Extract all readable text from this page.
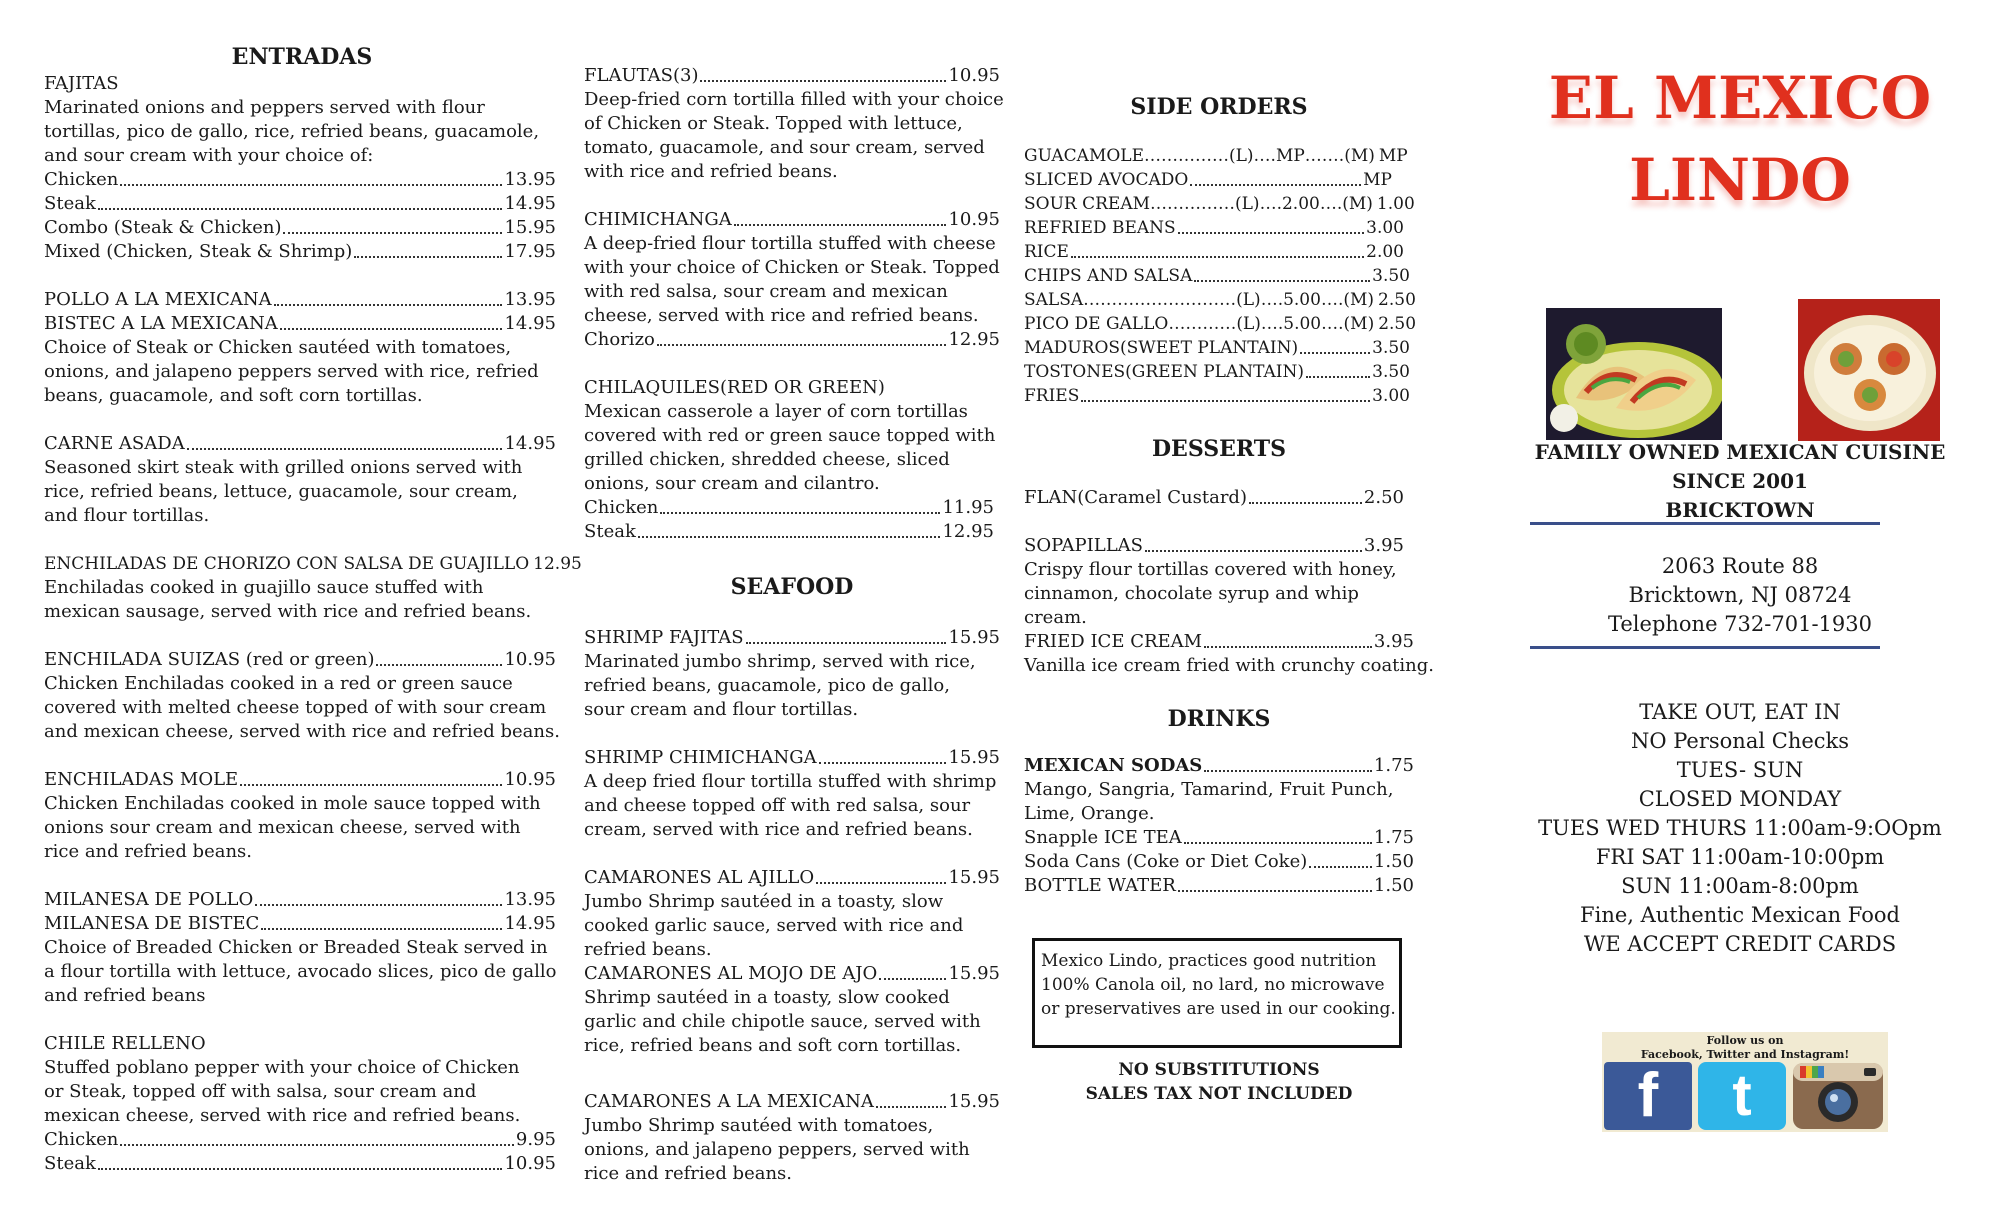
ENTRADAS
FAJITAS
Marinated onions and peppers served with flour tortillas, pico de gallo, rice, refried beans, guacamole, and sour cream with your choice of:
Chicken	13.95
Steak	14.95
Combo (Steak & Chicken)	15.95
Mixed (Chicken, Steak & Shrimp)	17.95
POLLO A LA MEXICANA	13.95
BISTEC A LA MEXICANA	14.95
Choice of Steak or Chicken sautéed with tomatoes, onions, and jalapeno peppers served with rice, refried beans, guacamole, and soft corn tortillas.
CARNE ASADA	14.95
Seasoned skirt steak with grilled onions served with rice, refried beans, lettuce, guacamole, sour cream, and flour tortillas.
ENCHILADAS DE CHORIZO CON SALSA DE GUAJILLO 12.95
Enchiladas cooked in guajillo sauce stuffed with mexican sausage, served with rice and refried beans.
ENCHILADA SUIZAS (red or green)	10.95
Chicken Enchiladas cooked in a red or green sauce covered with melted cheese topped of with sour cream and mexican cheese, served with rice and refried beans.
ENCHILADAS MOLE	10.95
Chicken Enchiladas cooked in mole sauce topped with onions sour cream and mexican cheese, served with rice and refried beans.
MILANESA DE POLLO	13.95
MILANESA DE BISTEC	14.95
Choice of Breaded Chicken or Breaded Steak served in a flour tortilla with lettuce, avocado slices, pico de gallo and refried beans
CHILE RELLENO
Stuffed poblano pepper with your choice of Chicken or Steak, topped off with salsa, sour cream and mexican cheese, served with rice and refried beans.
Chicken	9.95
Steak	10.95
FLAUTAS(3)	10.95
Deep-fried corn tortilla filled with your choice of Chicken or Steak. Topped with lettuce, tomato, guacamole, and sour cream, served with rice and refried beans.
CHIMICHANGA	10.95
A deep-fried flour tortilla stuffed with cheese with your choice of Chicken or Steak. Topped with red salsa, sour cream and mexican cheese, served with rice and refried beans.
Chorizo	12.95
CHILAQUILES(RED OR GREEN)
Mexican casserole a layer of corn tortillas covered with red or green sauce topped with grilled chicken, shredded cheese, sliced onions, sour cream and cilantro.
Chicken	11.95
Steak	12.95
SEAFOOD
SHRIMP FAJITAS	15.95
Marinated jumbo shrimp, served with rice, refried beans, guacamole, pico de gallo, sour cream and flour tortillas.
SHRIMP CHIMICHANGA	15.95
A deep fried flour tortilla stuffed with shrimp and cheese topped off with red salsa, sour cream, served with rice and refried beans.
CAMARONES AL AJILLO	15.95
Jumbo Shrimp sautéed in a toasty, slow cooked garlic sauce, served with rice and refried beans.
CAMARONES AL MOJO DE AJO	15.95
Shrimp sautéed in a toasty, slow cooked garlic and chile chipotle sauce, served with rice, refried beans and soft corn tortillas.
CAMARONES A LA MEXICANA	15.95
Jumbo Shrimp sautéed with tomatoes, onions, and jalapeno peppers, served with rice and refried beans.
SIDE ORDERS
GUACAMOLE……………(L)….MP…….(M) MP
SLICED AVOCADO	MP
SOUR CREAM……………(L)….2.00….(M) 1.00
REFRIED BEANS	3.00
RICE	2.00
CHIPS AND SALSA	3.50
SALSA………………………(L)….5.00….(M) 2.50
PICO DE GALLO…………(L)….5.00….(M) 2.50
MADUROS(SWEET PLANTAIN)	3.50
TOSTONES(GREEN PLANTAIN)	3.50
FRIES	3.00
DESSERTS
FLAN(Caramel Custard)	2.50
SOPAPILLAS	3.95
Crispy flour tortillas covered with honey, cinnamon, chocolate syrup and whip cream.
FRIED ICE CREAM	3.95
Vanilla ice cream fried with crunchy coating.
DRINKS
MEXICAN SODAS	1.75
Mango, Sangria, Tamarind, Fruit Punch, Lime, Orange.
Snapple ICE TEA	1.75
Soda Cans (Coke or Diet Coke)	1.50
BOTTLE WATER	1.50
Mexico Lindo, practices good nutrition 100% Canola oil, no lard, no microwave or preservatives are used in our cooking.
NO SUBSTITUTIONS
SALES TAX NOT INCLUDED
EL MEXICO
LINDO
FAMILY OWNED MEXICAN CUISINE
SINCE 2001
BRICKTOWN
2063 Route 88
Bricktown, NJ 08724
Telephone 732-701-1930
TAKE OUT, EAT IN
NO Personal Checks
TUES- SUN
CLOSED MONDAY
TUES WED THURS 11:00am-9:OOpm
FRI SAT 11:00am-10:00pm
SUN 11:00am-8:00pm
Fine, Authentic Mexican Food
WE ACCEPT CREDIT CARDS
Follow us on
Facebook, Twitter and Instagram!
f	t
